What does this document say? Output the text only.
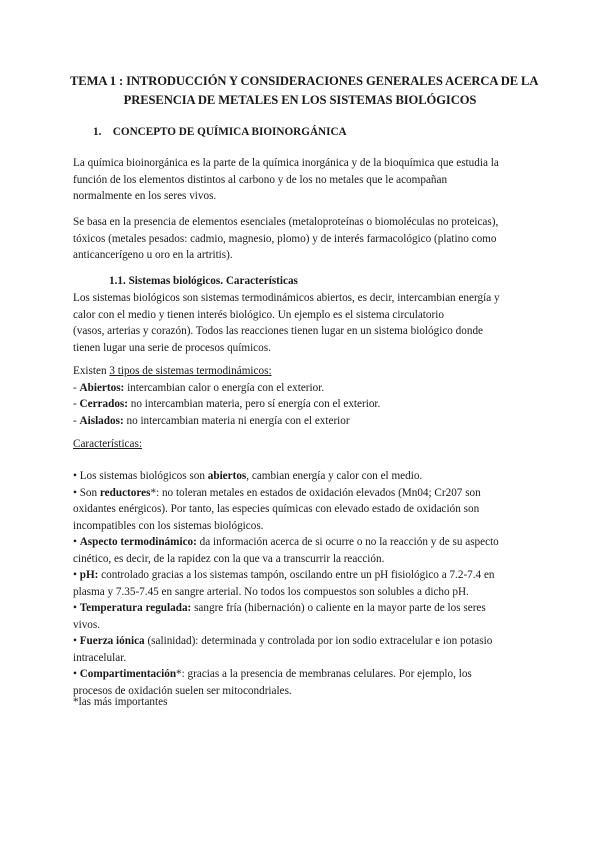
TEMA 1 : INTRODUCCIÓN Y CONSIDERACIONES GENERALES ACERCA DE LA
PRESENCIA DE METALES EN LOS SISTEMAS BIOLÓGICOS
1. CONCEPTO DE QUÍMICA BIOINORGÁNICA
La química bioinorgánica es la parte de la química inorgánica y de la bioquímica que estudia la
función de los elementos distintos al carbono y de los no metales que le acompañan
normalmente en los seres vivos.
Se basa en la presencia de elementos esenciales (metaloproteínas o biomoléculas no proteicas),
tóxicos (metales pesados: cadmio, magnesio, plomo) y de interés farmacológico (platino como
anticancerígeno u oro en la artritis).
1.1. Sistemas biológicos. Características
Los sistemas biológicos son sistemas termodinámicos abiertos, es decir, intercambian energía y
calor con el medio y tienen interés biológico. Un ejemplo es el sistema circulatorio
(vasos, arterias y corazón). Todos las reacciones tienen lugar en un sistema biológico donde
tienen lugar una serie de procesos químicos.
Existen 3 tipos de sistemas termodinámicos:
- Abiertos: intercambian calor o energía con el exterior.
- Cerrados: no intercambian materia, pero sí energía con el exterior.
- Aislados: no intercambian materia ni energía con el exterior
Características:
• Los sistemas biológicos son abiertos, cambian energía y calor con el medio.
• Son reductores*: no toleran metales en estados de oxidación elevados (Mn04; Cr207 son
oxidantes enérgicos). Por tanto, las especies químicas con elevado estado de oxidación son
incompatibles con los sistemas biológicos.
• Aspecto termodinámico: da información acerca de si ocurre o no la reacción y de su aspecto
cinético, es decir, de la rapidez con la que va a transcurrir la reacción.
• pH: controlado gracias a los sistemas tampón, oscilando entre un pH fisiológico a 7.2-7.4 en
plasma y 7.35-7.45 en sangre arterial. No todos los compuestos son solubles a dicho pH.
• Temperatura regulada: sangre fría (hibernación) o caliente en la mayor parte de los seres
vivos.
• Fuerza iónica (salinidad): determinada y controlada por ion sodio extracelular e ion potasio
intracelular.
• Compartimentación*: gracias a la presencia de membranas celulares. Por ejemplo, los
procesos de oxidación suelen ser mitocondriales.
*las más importantes
